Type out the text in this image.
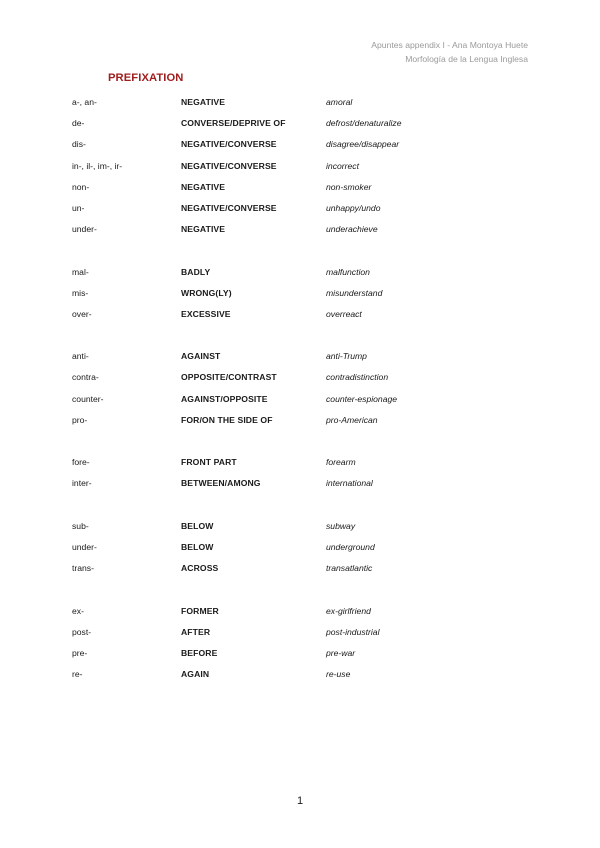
Apuntes appendix I - Ana Montoya Huete
Morfología de la Lengua Inglesa
PREFIXATION
a-, an-	NEGATIVE	amoral
de-	CONVERSE/DEPRIVE OF	defrost/denaturalize
dis-	NEGATIVE/CONVERSE	disagree/disappear
in-, il-, im-, ir-	NEGATIVE/CONVERSE	incorrect
non-	NEGATIVE	non-smoker
un-	NEGATIVE/CONVERSE	unhappy/undo
under-	NEGATIVE	underachieve
mal-	BADLY	malfunction
mis-	WRONG(LY)	misunderstand
over-	EXCESSIVE	overreact
anti-	AGAINST	anti-Trump
contra-	OPPOSITE/CONTRAST	contradistinction
counter-	AGAINST/OPPOSITE	counter-espionage
pro-	FOR/ON THE SIDE OF	pro-American
fore-	FRONT PART	forearm
inter-	BETWEEN/AMONG	international
sub-	BELOW	subway
under-	BELOW	underground
trans-	ACROSS	transatlantic
ex-	FORMER	ex-girlfriend
post-	AFTER	post-industrial
pre-	BEFORE	pre-war
re-	AGAIN	re-use
1
